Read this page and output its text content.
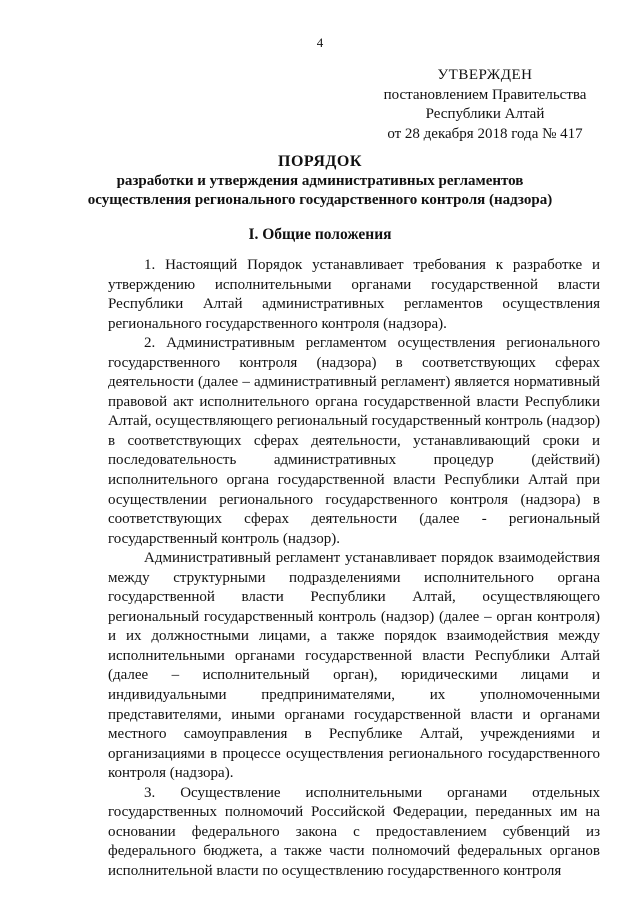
4
УТВЕРЖДЕН
постановлением Правительства
Республики Алтай
от 28 декабря 2018 года № 417
ПОРЯДОК
разработки и утверждения административных регламентов
осуществления регионального государственного контроля (надзора)
I. Общие положения

1. Настоящий Порядок устанавливает требования к разработке и утверждению исполнительными органами государственной власти Республики Алтай административных регламентов осуществления регионального государственного контроля (надзора).

2. Административным регламентом осуществления регионального государственного контроля (надзора) в соответствующих сферах деятельности (далее – административный регламент) является нормативный правовой акт исполнительного органа государственной власти Республики Алтай, осуществляющего региональный государственный контроль (надзор) в соответствующих сферах деятельности, устанавливающий сроки и последовательность административных процедур (действий) исполнительного органа государственной власти Республики Алтай при осуществлении регионального государственного контроля (надзора) в соответствующих сферах деятельности (далее - региональный государственный контроль (надзор).

Административный регламент устанавливает порядок взаимодействия между структурными подразделениями исполнительного органа государственной власти Республики Алтай, осуществляющего региональный государственный контроль (надзор) (далее – орган контроля) и их должностными лицами, а также порядок взаимодействия между исполнительными органами государственной власти Республики Алтай (далее – исполнительный орган), юридическими лицами и индивидуальными предпринимателями, их уполномоченными представителями, иными органами государственной власти и органами местного самоуправления в Республике Алтай, учреждениями и организациями в процессе осуществления регионального государственного контроля (надзора).

3. Осуществление исполнительными органами отдельных государственных полномочий Российской Федерации, переданных им на основании федерального закона с предоставлением субвенций из федерального бюджета, а также части полномочий федеральных органов исполнительной власти по осуществлению государственного контроля
